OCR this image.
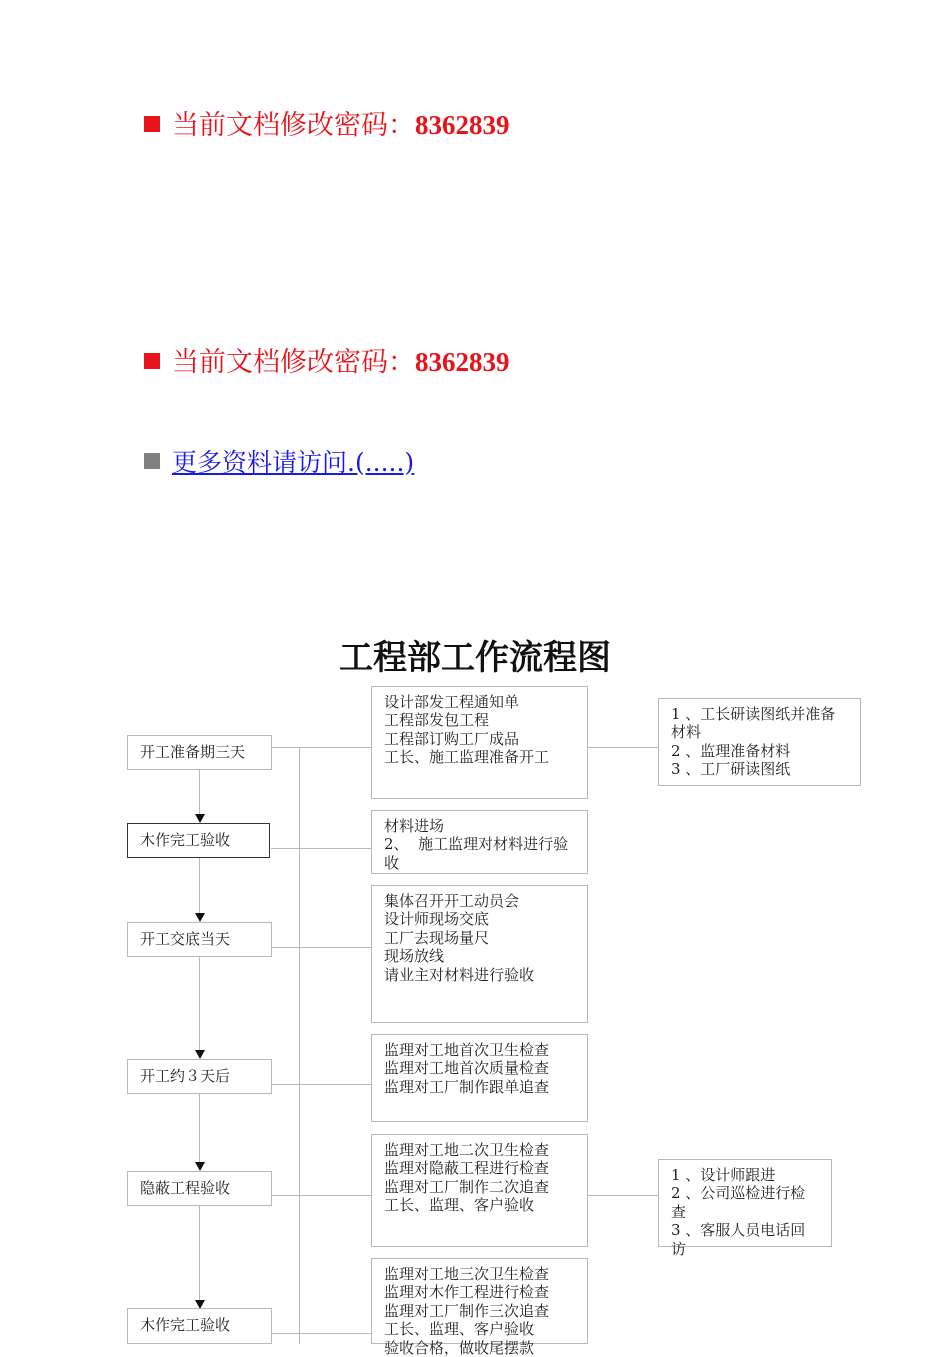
当前文档修改密码：8362839
当前文档修改密码：8362839
更多资料请访问.(.....)
工程部工作流程图
开工准备期三天
木作完工验收
开工交底当天
开工约３天后
隐蔽工程验收
木作完工验收
设计部发工程通知单
工程部发包工程
工程部订购工厂成品
工长、施工监理准备开工
材料进场
2、  施工监理对材料进行验收
集体召开开工动员会
设计师现场交底
工厂去现场量尺
现场放线
请业主对材料进行验收
监理对工地首次卫生检查
监理对工地首次质量检查
监理对工厂制作跟单追查
监理对工地二次卫生检查
监理对隐蔽工程进行检查
监理对工厂制作二次追查
工长、监理、客户验收
监理对工地三次卫生检查
监理对木作工程进行检查
监理对工厂制作三次追查
工长、监理、客户验收
验收合格，做收尾摆款
1 、工长研读图纸并准备材料
2 、监理准备材料
3 、工厂研读图纸
1 、设计师跟进
2 、公司巡检进行检查
3 、客服人员电话回访
